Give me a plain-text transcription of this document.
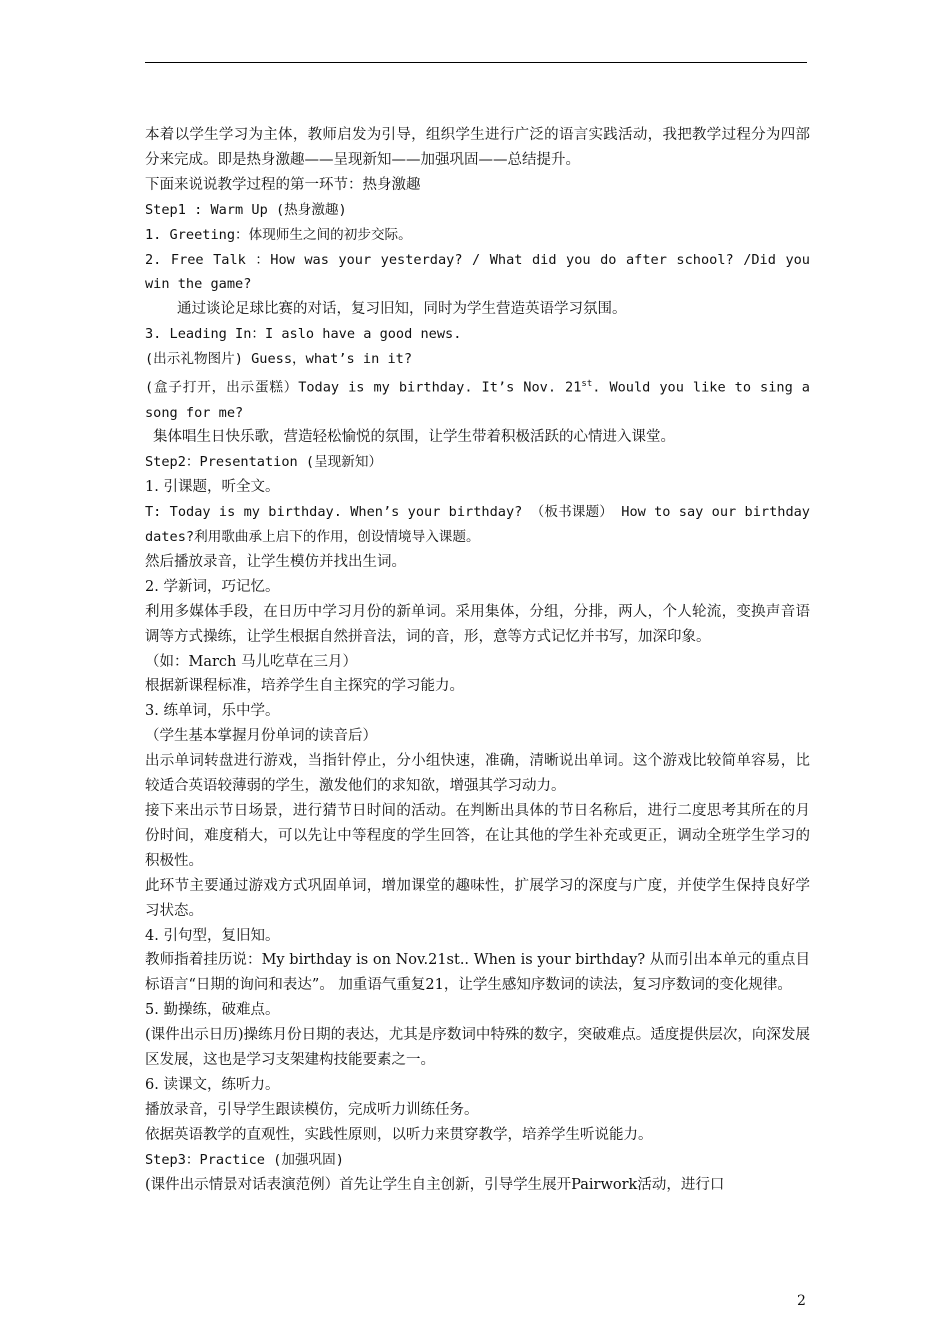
本着以学生学习为主体，教师启发为引导，组织学生进行广泛的语言实践活动，我把教学过程分为四部分来完成。即是热身激趣——呈现新知——加强巩固——总结提升。

下面来说说教学过程的第一环节：热身激趣

Step1 : Warm Up (热身激趣)

1. Greeting：体现师生之间的初步交际。

2. Free Talk ：How was your yesterday? / What did you do after school? /Did you win the game?

通过谈论足球比赛的对话，复习旧知，同时为学生营造英语学习氛围。

3. Leading In：I aslo have a good news.

(出示礼物图片) Guess，what’s in it?

(盒子打开，出示蛋糕）Today is my birthday. It’s Nov. 21st. Would you like to sing a song for me?

集体唱生日快乐歌，营造轻松愉悦的氛围，让学生带着积极活跃的心情进入课堂。

Step2：Presentation (呈现新知）

1. 引课题，听全文。

T: Today is my birthday. When’s your birthday? （板书课题） How to say our birthday dates?利用歌曲承上启下的作用，创设情境导入课题。

然后播放录音，让学生模仿并找出生词。

2. 学新词，巧记忆。

利用多媒体手段，在日历中学习月份的新单词。采用集体，分组，分排，两人，个人轮流，变换声音语调等方式操练，让学生根据自然拼音法，词的音，形，意等方式记忆并书写，加深印象。

（如：March 马儿吃草在三月）

根据新课程标准，培养学生自主探究的学习能力。

3. 练单词，乐中学。

（学生基本掌握月份单词的读音后）

出示单词转盘进行游戏，当指针停止，分小组快速，准确，清晰说出单词。这个游戏比较简单容易，比较适合英语较薄弱的学生，激发他们的求知欲，增强其学习动力。

接下来出示节日场景，进行猜节日时间的活动。在判断出具体的节日名称后，进行二度思考其所在的月份时间，难度稍大，可以先让中等程度的学生回答，在让其他的学生补充或更正，调动全班学生学习的积极性。

此环节主要通过游戏方式巩固单词，增加课堂的趣味性，扩展学习的深度与广度，并使学生保持良好学习状态。

4. 引句型，复旧知。

教师指着挂历说：My birthday is on Nov.21st.. When is your birthday? 从而引出本单元的重点目标语言“日期的询问和表达”。 加重语气重复21，让学生感知序数词的读法，复习序数词的变化规律。

5. 勤操练，破难点。

(课件出示日历)操练月份日期的表达，尤其是序数词中特殊的数字，突破难点。适度提供层次，向深发展区发展，这也是学习支架建构技能要素之一。

6. 读课文，练听力。

播放录音，引导学生跟读模仿，完成听力训练任务。

依据英语教学的直观性，实践性原则，以听力来贯穿教学，培养学生听说能力。

Step3：Practice (加强巩固)

(课件出示情景对话表演范例）首先让学生自主创新，引导学生展开Pairwork活动，进行口

2
